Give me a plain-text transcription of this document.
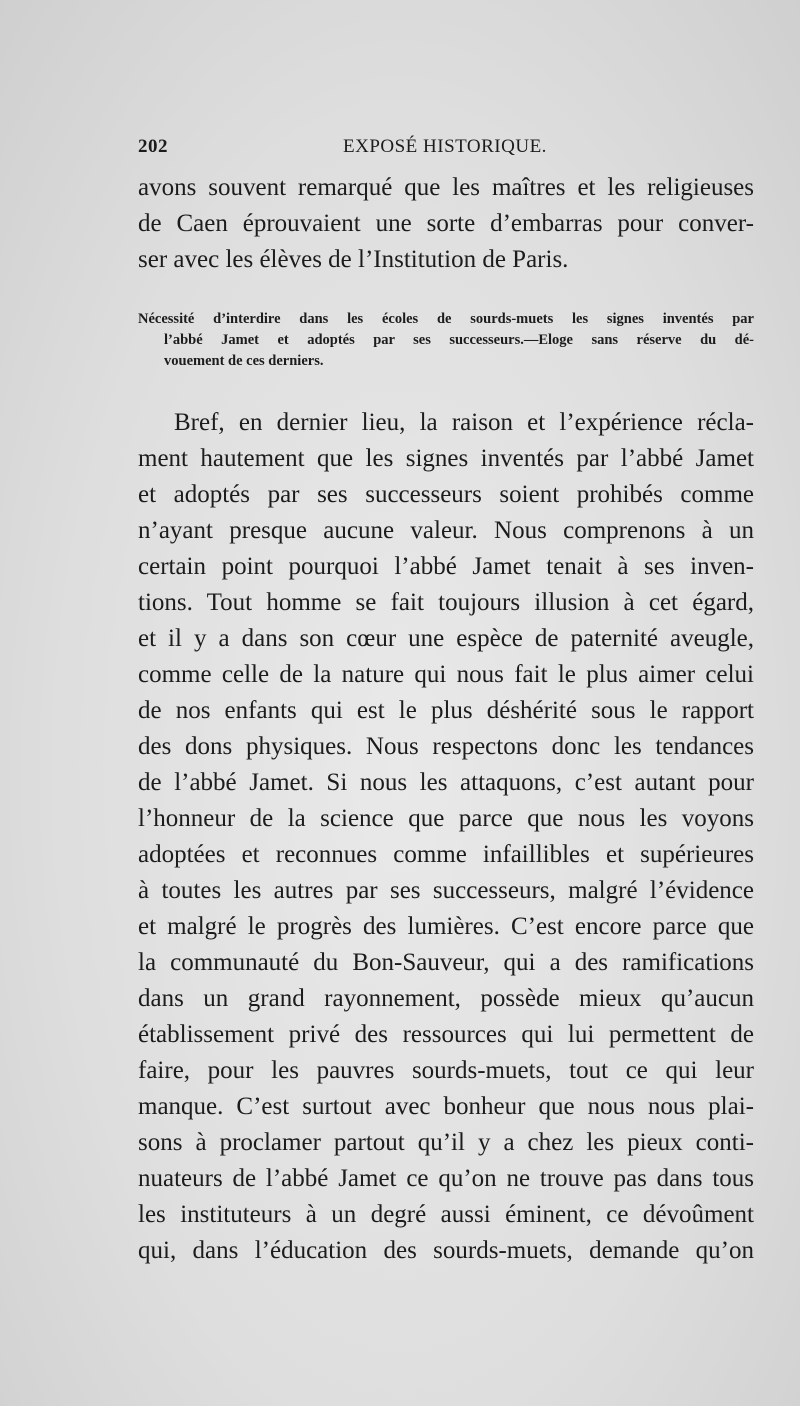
202	EXPOSÉ HISTORIQUE.
avons souvent remarqué que les maîtres et les religieuses
de Caen éprouvaient une sorte d’embarras pour conver-
ser avec les élèves de l’Institution de Paris.
Nécessité d’interdire dans les écoles de sourds-muets les signes inventés par
l’abbé Jamet et adoptés par ses successeurs.—Eloge sans réserve du dé-
vouement de ces derniers.
Bref, en dernier lieu, la raison et l’expérience récla-
ment hautement que les signes inventés par l’abbé Jamet
et adoptés par ses successeurs soient prohibés comme
n’ayant presque aucune valeur. Nous comprenons à un
certain point pourquoi l’abbé Jamet tenait à ses inven-
tions. Tout homme se fait toujours illusion à cet égard,
et il y a dans son cœur une espèce de paternité aveugle,
comme celle de la nature qui nous fait le plus aimer celui
de nos enfants qui est le plus déshérité sous le rapport
des dons physiques. Nous respectons donc les tendances
de l’abbé Jamet. Si nous les attaquons, c’est autant pour
l’honneur de la science que parce que nous les voyons
adoptées et reconnues comme infaillibles et supérieures
à toutes les autres par ses successeurs, malgré l’évidence
et malgré le progrès des lumières. C’est encore parce que
la communauté du Bon-Sauveur, qui a des ramifications
dans un grand rayonnement, possède mieux qu’aucun
établissement privé des ressources qui lui permettent de
faire, pour les pauvres sourds-muets, tout ce qui leur
manque. C’est surtout avec bonheur que nous nous plai-
sons à proclamer partout qu’il y a chez les pieux conti-
nuateurs de l’abbé Jamet ce qu’on ne trouve pas dans tous
les instituteurs à un degré aussi éminent, ce dévoûment
qui, dans l’éducation des sourds-muets, demande qu’on
